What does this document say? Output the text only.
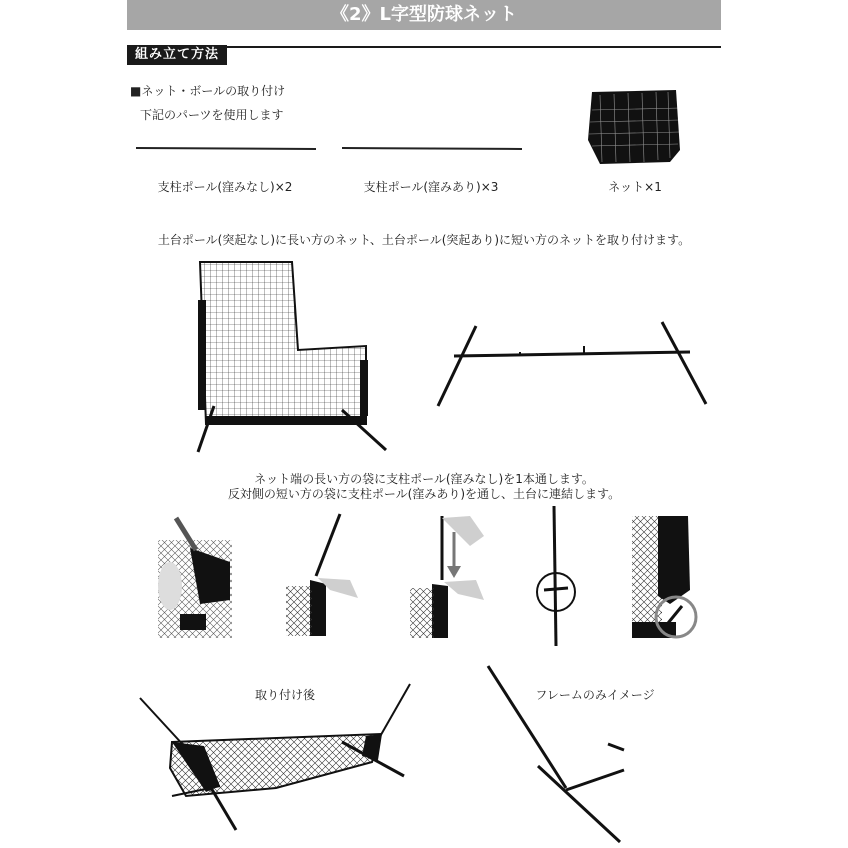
《2》L字型防球ネット
組み立て方法
■ネット・ボールの取り付け
下記のパーツを使用します
支柱ポール(窪みなし)×2	支柱ポール(窪みあり)×3	ネット×1
土台ポール(突起なし)に長い方のネット、土台ポール(突起あり)に短い方のネットを取り付けます。
ネット端の長い方の袋に支柱ポール(窪みなし)を1本通します。
反対側の短い方の袋に支柱ポール(窪みあり)を通し、土台に連結します。
取り付け後	フレームのみイメージ
